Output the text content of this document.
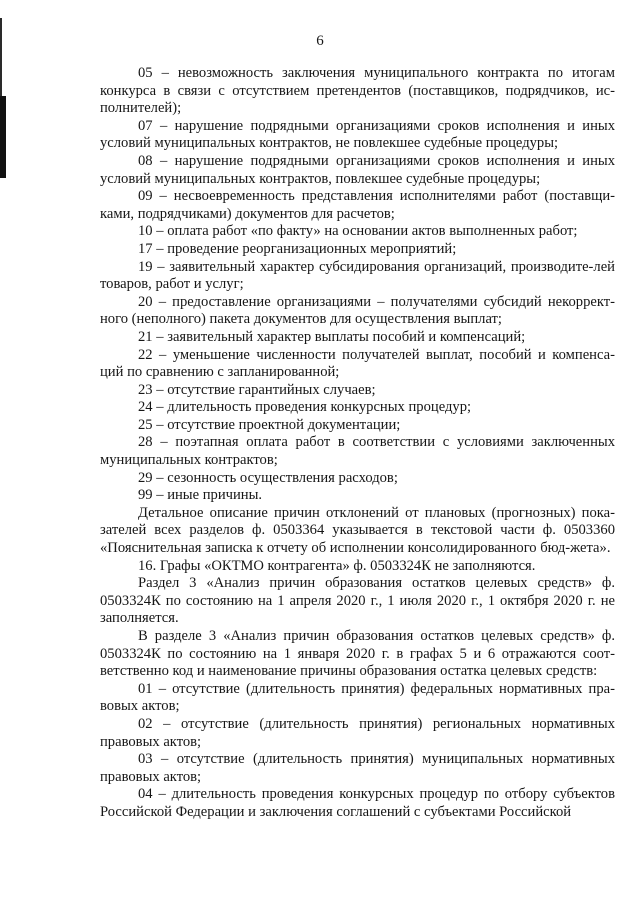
6

05 – невозможность заключения муниципального контракта по итогам конкурса в связи с отсутствием претендентов (поставщиков, подрядчиков, ис-полнителей);

07 – нарушение подрядными организациями сроков исполнения и иных условий муниципальных контрактов, не повлекшее судебные процедуры;

08 – нарушение подрядными организациями сроков исполнения и иных условий муниципальных контрактов, повлекшее судебные процедуры;

09 – несвоевременность представления исполнителями работ (поставщи-ками, подрядчиками) документов для расчетов;

10 – оплата работ «по факту» на основании актов выполненных работ;

17 – проведение реорганизационных мероприятий;

19 – заявительный характер субсидирования организаций, производите-лей товаров, работ и услуг;

20 – предоставление организациями – получателями субсидий некоррект-ного (неполного) пакета документов для осуществления выплат;

21 – заявительный характер выплаты пособий и компенсаций;

22 – уменьшение численности получателей выплат, пособий и компенса-ций по сравнению с запланированной;

23 – отсутствие гарантийных случаев;

24 – длительность проведения конкурсных процедур;

25 – отсутствие проектной документации;

28 – поэтапная оплата работ в соответствии с условиями заключенных муниципальных контрактов;

29 – сезонность осуществления расходов;

99 – иные причины.

Детальное описание причин отклонений от плановых (прогнозных) пока-зателей всех разделов ф. 0503364 указывается в текстовой части ф. 0503360 «Пояснительная записка к отчету об исполнении консолидированного бюд-жета».

16. Графы «ОКТМО контрагента» ф. 0503324К не заполняются.

Раздел 3 «Анализ причин образования остатков целевых средств» ф. 0503324К по состоянию на 1 апреля 2020 г., 1 июля 2020 г., 1 октября 2020 г. не заполняется.

В разделе 3 «Анализ причин образования остатков целевых средств» ф. 0503324К по состоянию на 1 января 2020 г. в графах 5 и 6 отражаются соот-ветственно код и наименование причины образования остатка целевых средств:

01 – отсутствие (длительность принятия) федеральных нормативных пра-вовых актов;

02 – отсутствие (длительность принятия) региональных нормативных правовых актов;

03 – отсутствие (длительность принятия) муниципальных нормативных правовых актов;

04 – длительность проведения конкурсных процедур по отбору субъектов Российской Федерации и заключения соглашений с субъектами Российской
